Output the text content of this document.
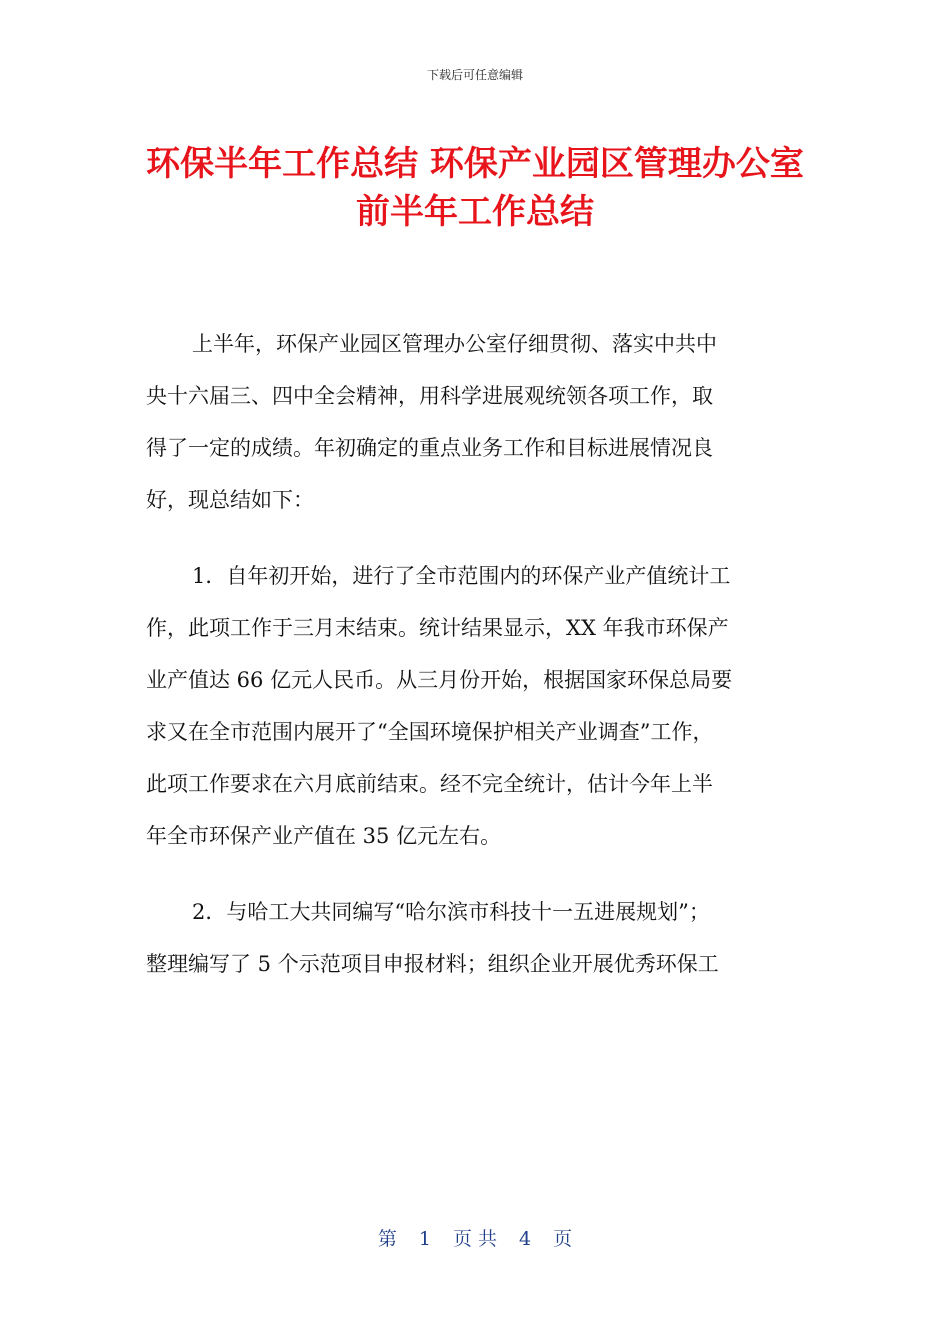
下载后可任意编辑
环保半年工作总结 环保产业园区管理办公室
前半年工作总结
上半年，环保产业园区管理办公室仔细贯彻、落实中共中
央十六届三、四中全会精神，用科学进展观统领各项工作，取
得了一定的成绩。年初确定的重点业务工作和目标进展情况良
好，现总结如下：
1．自年初开始，进行了全市范围内的环保产业产值统计工
作，此项工作于三月末结束。统计结果显示，XX 年我市环保产
业产值达 66 亿元人民币。从三月份开始，根据国家环保总局要
求又在全市范围内展开了“全国环境保护相关产业调查”工作，
此项工作要求在六月底前结束。经不完全统计，估计今年上半
年全市环保产业产值在 35 亿元左右。
2．与哈工大共同编写“哈尔滨市科技十一五进展规划”；
整理编写了 5 个示范项目申报材料；组织企业开展优秀环保工
第 1 页 共 4 页
